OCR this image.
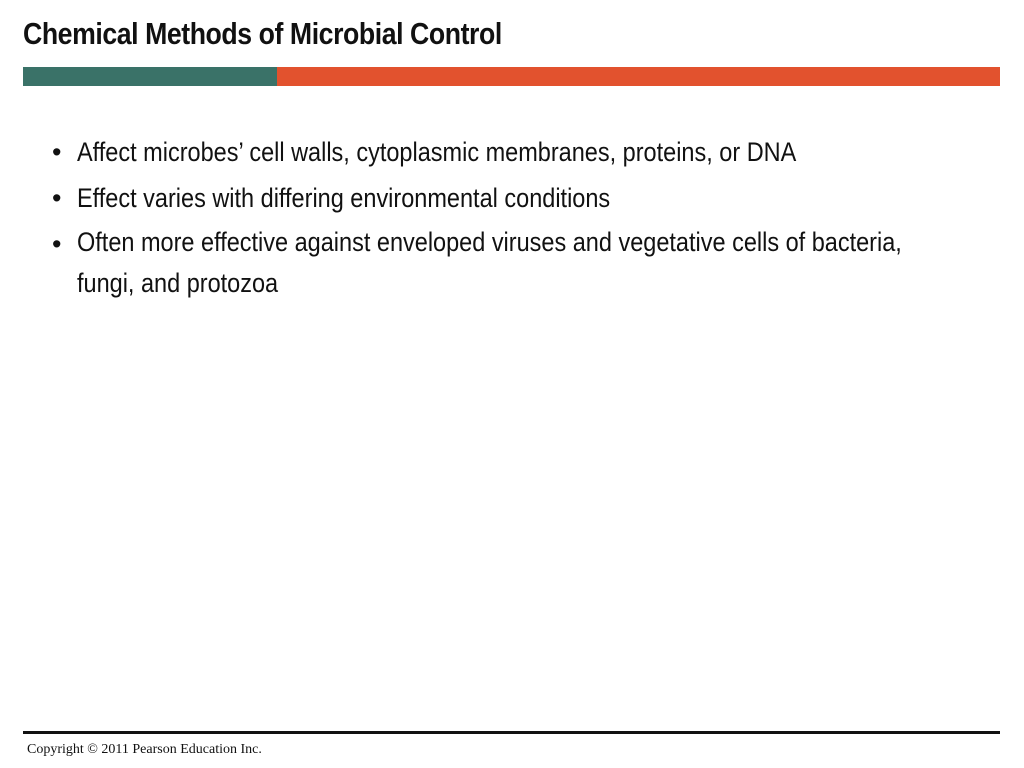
Chemical Methods of Microbial Control
• Affect microbes’ cell walls, cytoplasmic membranes, proteins, or DNA
• Effect varies with differing environmental conditions
• Often more effective against enveloped viruses and vegetative cells of bacteria, fungi, and protozoa
Copyright © 2011 Pearson Education Inc.
